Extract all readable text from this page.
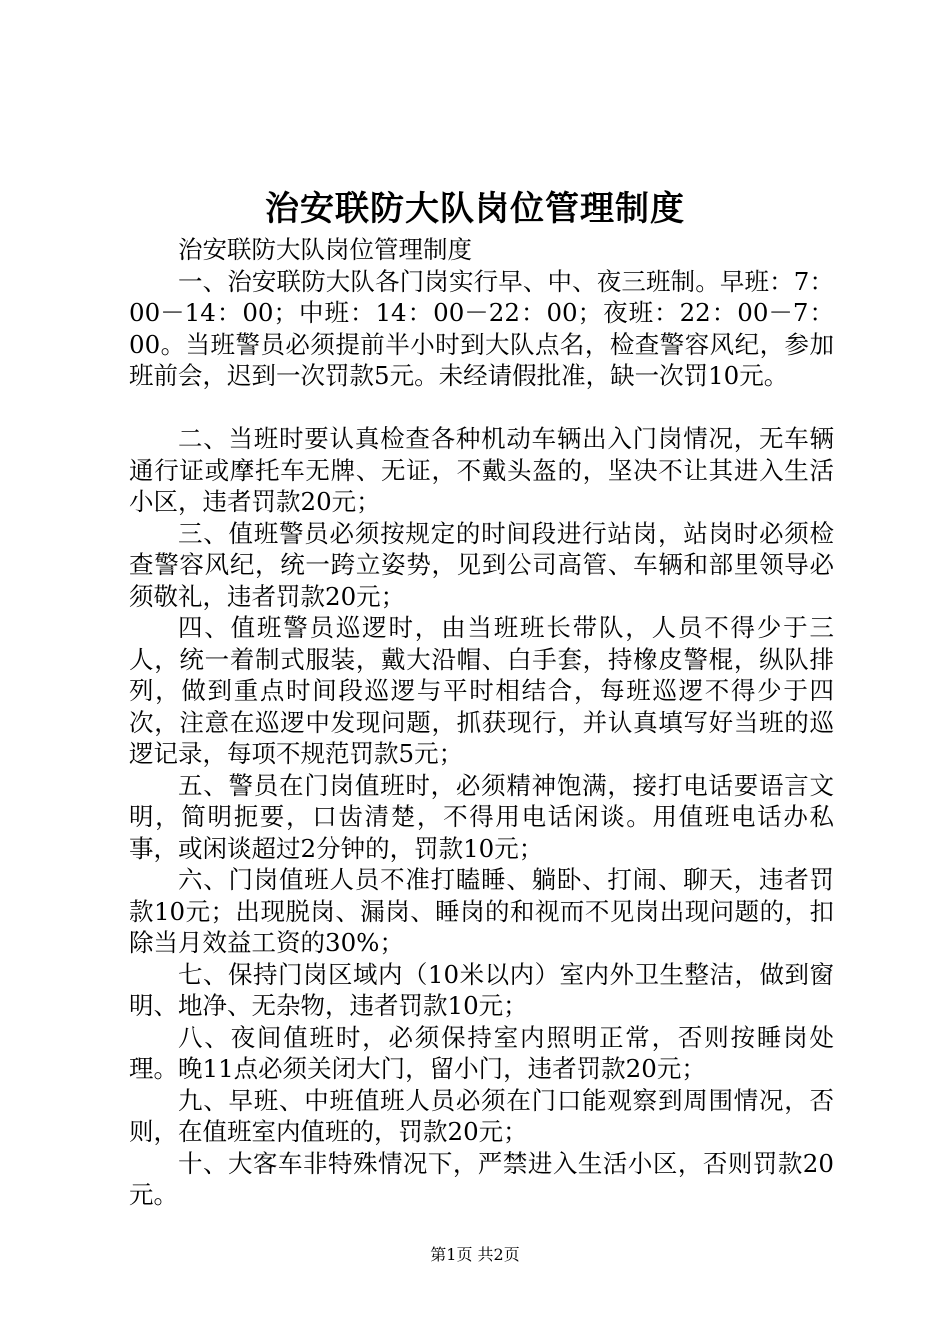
治安联防大队岗位管理制度

治安联防大队岗位管理制度

一、治安联防大队各门岗实行早、中、夜三班制。早班：7：00－14：00；中班：14：00－22：00；夜班：22：00－7：00。当班警员必须提前半小时到大队点名，检查警容风纪，参加班前会，迟到一次罚款5元。未经请假批准，缺一次罚10元。

二、当班时要认真检查各种机动车辆出入门岗情况，无车辆通行证或摩托车无牌、无证，不戴头盔的，坚决不让其进入生活小区，违者罚款20元；

三、值班警员必须按规定的时间段进行站岗，站岗时必须检查警容风纪，统一跨立姿势，见到公司高管、车辆和部里领导必须敬礼，违者罚款20元；

四、值班警员巡逻时，由当班班长带队，人员不得少于三人，统一着制式服装，戴大沿帽、白手套，持橡皮警棍，纵队排列，做到重点时间段巡逻与平时相结合，每班巡逻不得少于四次，注意在巡逻中发现问题，抓获现行，并认真填写好当班的巡逻记录，每项不规范罚款5元；

五、警员在门岗值班时，必须精神饱满，接打电话要语言文明，简明扼要，口齿清楚，不得用电话闲谈。用值班电话办私事，或闲谈超过2分钟的，罚款10元；

六、门岗值班人员不准打瞌睡、躺卧、打闹、聊天，违者罚款10元；出现脱岗、漏岗、睡岗的和视而不见岗出现问题的，扣除当月效益工资的30%；

七、保持门岗区域内（10米以内）室内外卫生整洁，做到窗明、地净、无杂物，违者罚款10元；

八、夜间值班时，必须保持室内照明正常，否则按睡岗处理。晚11点必须关闭大门，留小门，违者罚款20元；

九、早班、中班值班人员必须在门口能观察到周围情况，否则，在值班室内值班的，罚款20元；

十、大客车非特殊情况下，严禁进入生活小区，否则罚款20元。

第1页 共2页
